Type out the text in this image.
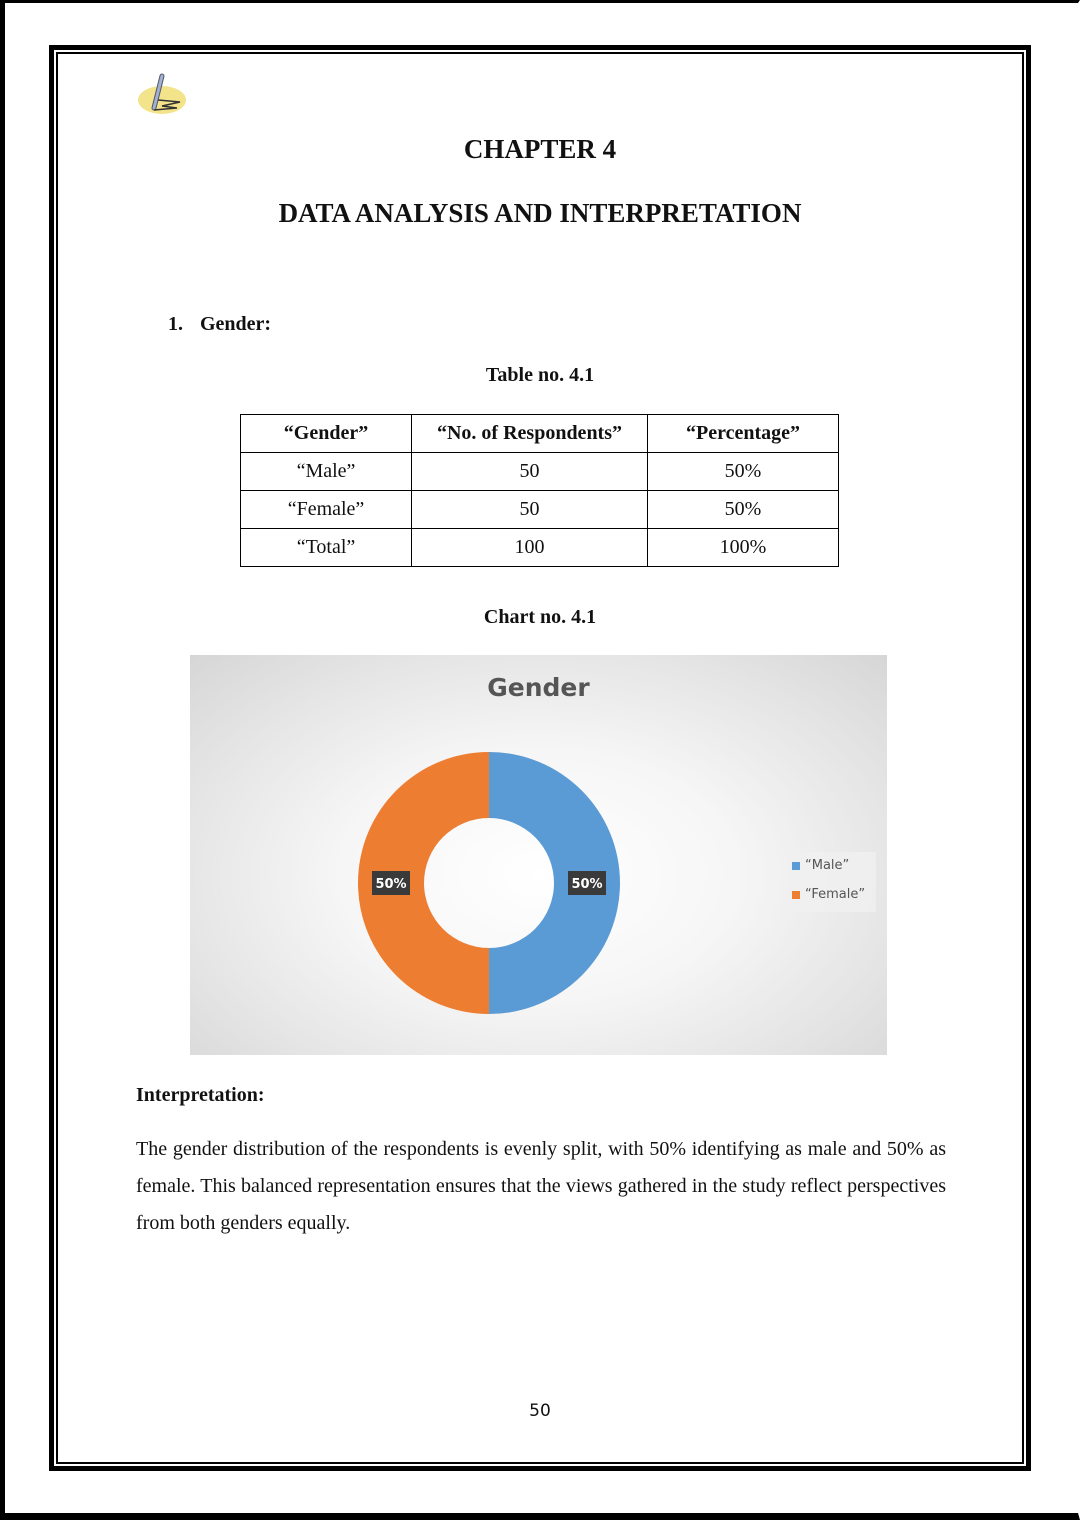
CHAPTER 4
DATA ANALYSIS AND INTERPRETATION
1. Gender:
Table no. 4.1
“Gender”	“No. of Respondents”	“Percentage”
“Male”	50	50%
“Female”	50	50%
“Total”	100	100%
Chart no. 4.1
Gender
50%
50%
“Male”
“Female”
Interpretation:
The gender distribution of the respondents is evenly split, with 50% identifying as male and 50% as female. This balanced representation ensures that the views gathered in the study reflect perspectives from both genders equally.
50
